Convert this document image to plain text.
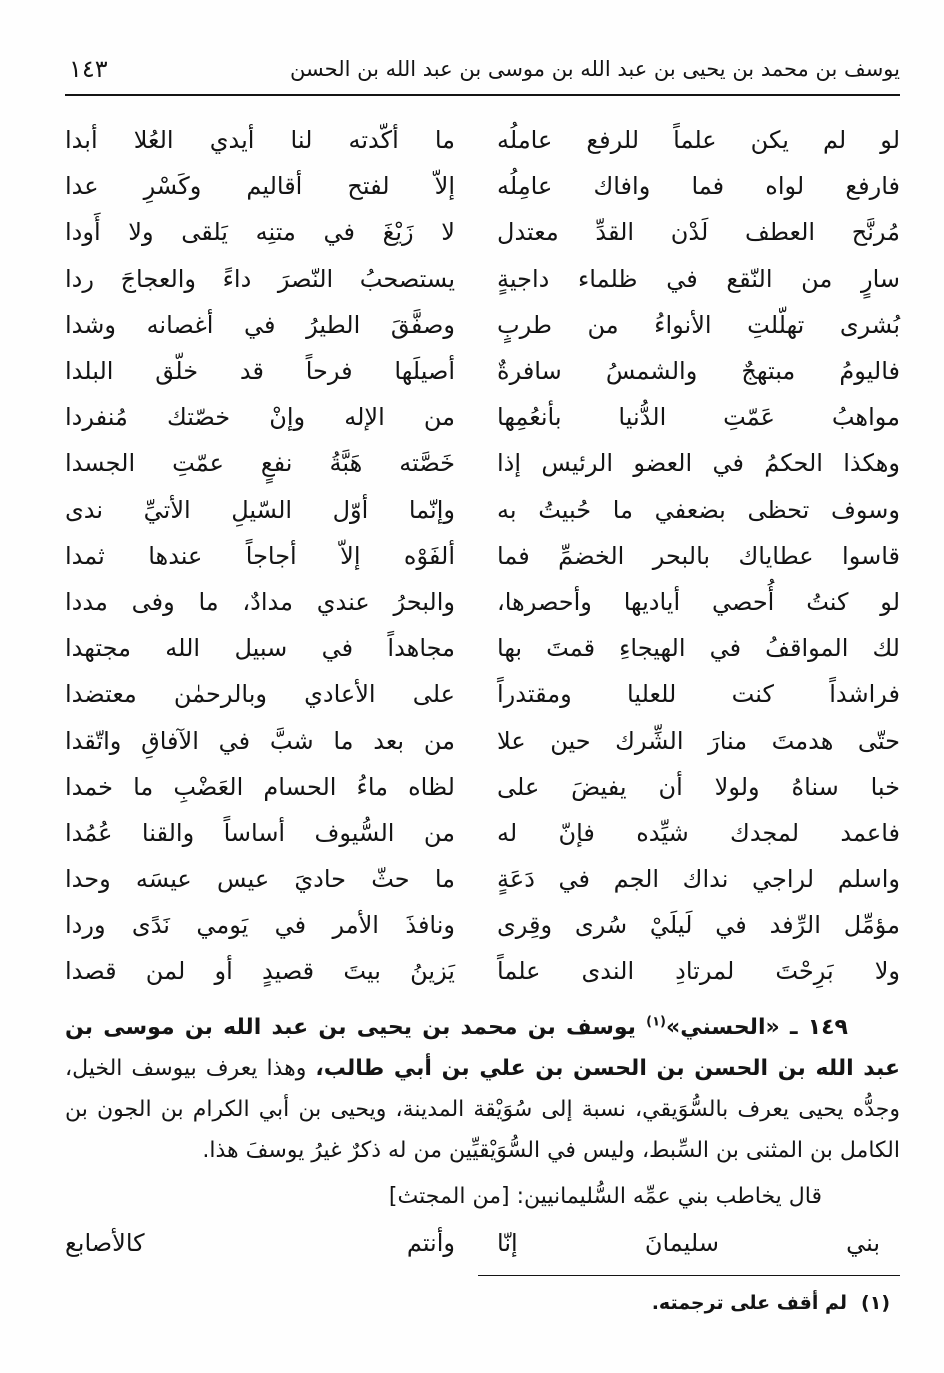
يوسف بن محمد بن يحيى بن عبد الله بن موسى بن عبد الله بن الحسن
١٤٣
لو لم يكن علماً للرفع عاملُه
ما أكّدته لنا أيدي العُلا أبدا
فارفع لواه فما وافاك عامِلُه
إلاّ لفتح أقاليم وكَسْرِ عدا
مُرنَّح العطف لَدْن القدِّ معتدل
لا زَيْغَ في متنِه يَلقى ولا أَودا
سارٍ من النّقع في ظلماء داجيةٍ
يستصحبُ النّصرَ داءً والعجاجَ ردا
بُشرى تهلّلتِ الأنواءُ من طربٍ
وصفَّقَ الطيرُ في أغصانه وشدا
فاليومُ مبتهجٌ والشمسُ سافرةٌ
أصيلَها فرحاً قد خلّق البلدا
مواهبُ عَمّتِ الدُّنيا بأنعُمِها
من الإله وإنْ خصّتك مُنفردا
وهكذا الحكمُ في العضو الرئيس إذا
خَصَّته هَبَّةُ نفعٍ عمّتِ الجسدا
وسوف تحظى بضعفي ما حُبيتُ به
وإنّما أوّل السّيلِ الأتيِّ ندى
قاسوا عطاياك بالبحر الخضمِّ فما
ألفَوْه إلاّ أجاجاً عندها ثمدا
لو كنتُ أُحصي أياديها وأحصرها،
والبحرُ عندي مدادٌ، ما وفى مددا
لك المواقفُ في الهيجاءِ قمتَ بها
مجاهداً في سبيل الله مجتهدا
فراشداً كنت للعليا ومقتدراً
على الأعادي وبالرحمٰن معتضدا
حتّى هدمتَ منارَ الشِّرك حين علا
من بعد ما شبَّ في الآفاقِ واتّقدا
خبا سناهُ ولولا أن يفيضَ على
لظاه ماءُ الحسام العَضْبِ ما خمدا
فاعمد لمجدك شيِّده فإنّ له
من السُّيوف أساساً والقنا عُمُدا
واسلم لراجي نداك الجم في دَعَةٍ
ما حثّ حاديَ عيس عيسَه وحدا
مؤمِّل الرِّفد في لَيلَيْ سُرى وقِرى
ونافذَ الأمر في يَومي نَدًى وردا
ولا بَرِحْتَ لمرتادِ الندى علماً
يَزينُ بيتَ قصيدٍ أو لمن قصدا

١٤٩ ـ «الحسني»$^{(١)}$ يوسف بن محمد بن يحيى بن عبد الله بن موسى بن عبد الله بن الحسن بن الحسن بن علي بن أبي طالب، وهذا يعرف بيوسف الخيل، وجدُّه يحيى يعرف بالسُّوَيقي، نسبة إلى سُوَيْقة المدينة، ويحيى بن أبي الكرام بن الجون بن الكامل بن المثنى بن السِّبط، وليس في السُّوَيْقيِّين من له ذكرٌ غيرُ يوسفَ هذا.

قال يخاطب بني عمِّه السُّليمانيين: [من المجتث]
بني سليمانَ إنّا
وأنتم كالأصابع
(١)لم أقف على ترجمته.
